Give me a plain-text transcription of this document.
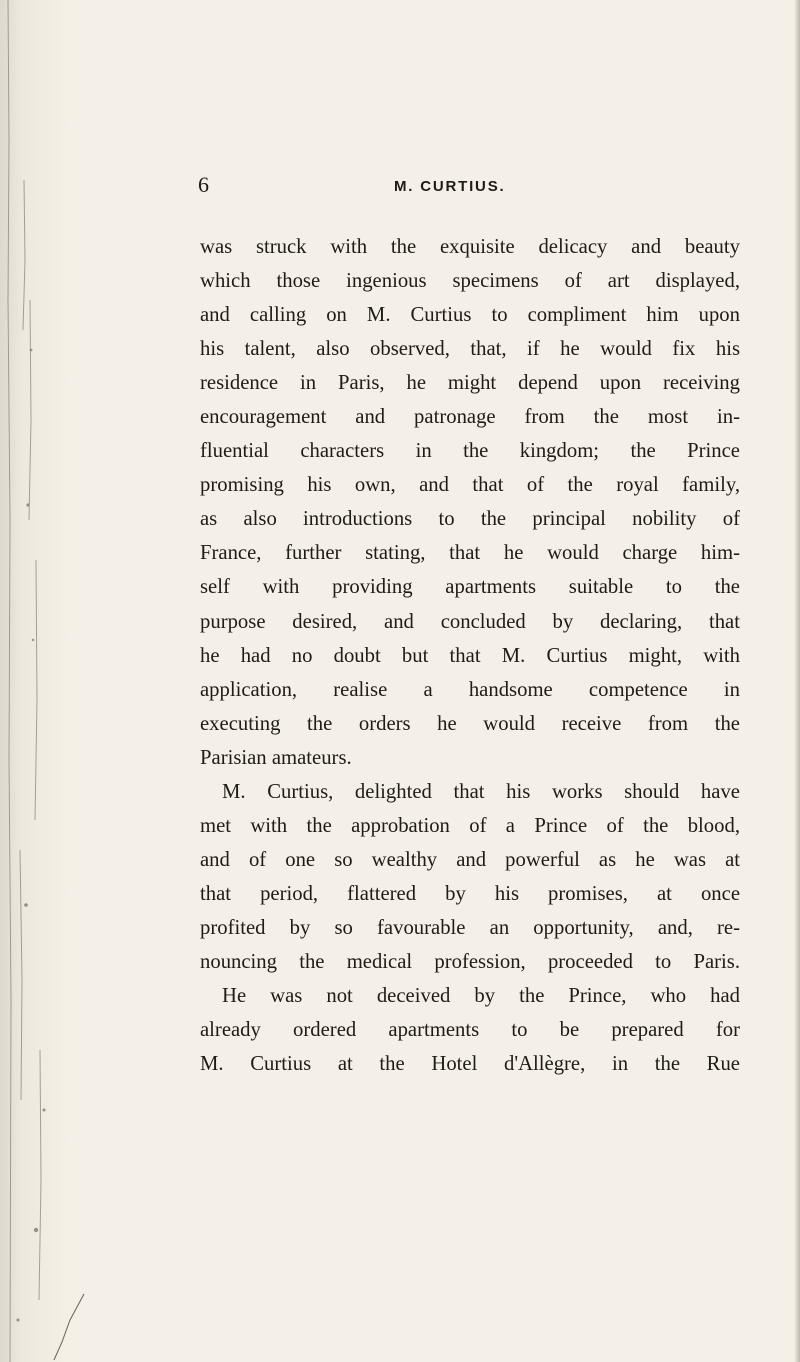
6	M. CURTIUS.
was struck with the exquisite delicacy and beauty
which those ingenious specimens of art displayed,
and calling on M. Curtius to compliment him upon
his talent, also observed, that, if he would fix his
residence in Paris, he might depend upon receiving
encouragement and patronage from the most in-
fluential characters in the kingdom; the Prince
promising his own, and that of the royal family,
as also introductions to the principal nobility of
France, further stating, that he would charge him-
self with providing apartments suitable to the
purpose desired, and concluded by declaring, that
he had no doubt but that M. Curtius might, with
application, realise a handsome competence in
executing the orders he would receive from the
Parisian amateurs.
M. Curtius, delighted that his works should have
met with the approbation of a Prince of the blood,
and of one so wealthy and powerful as he was at
that period, flattered by his promises, at once
profited by so favourable an opportunity, and, re-
nouncing the medical profession, proceeded to Paris.
He was not deceived by the Prince, who had
already ordered apartments to be prepared for
M. Curtius at the Hotel d'Allègre, in the Rue
